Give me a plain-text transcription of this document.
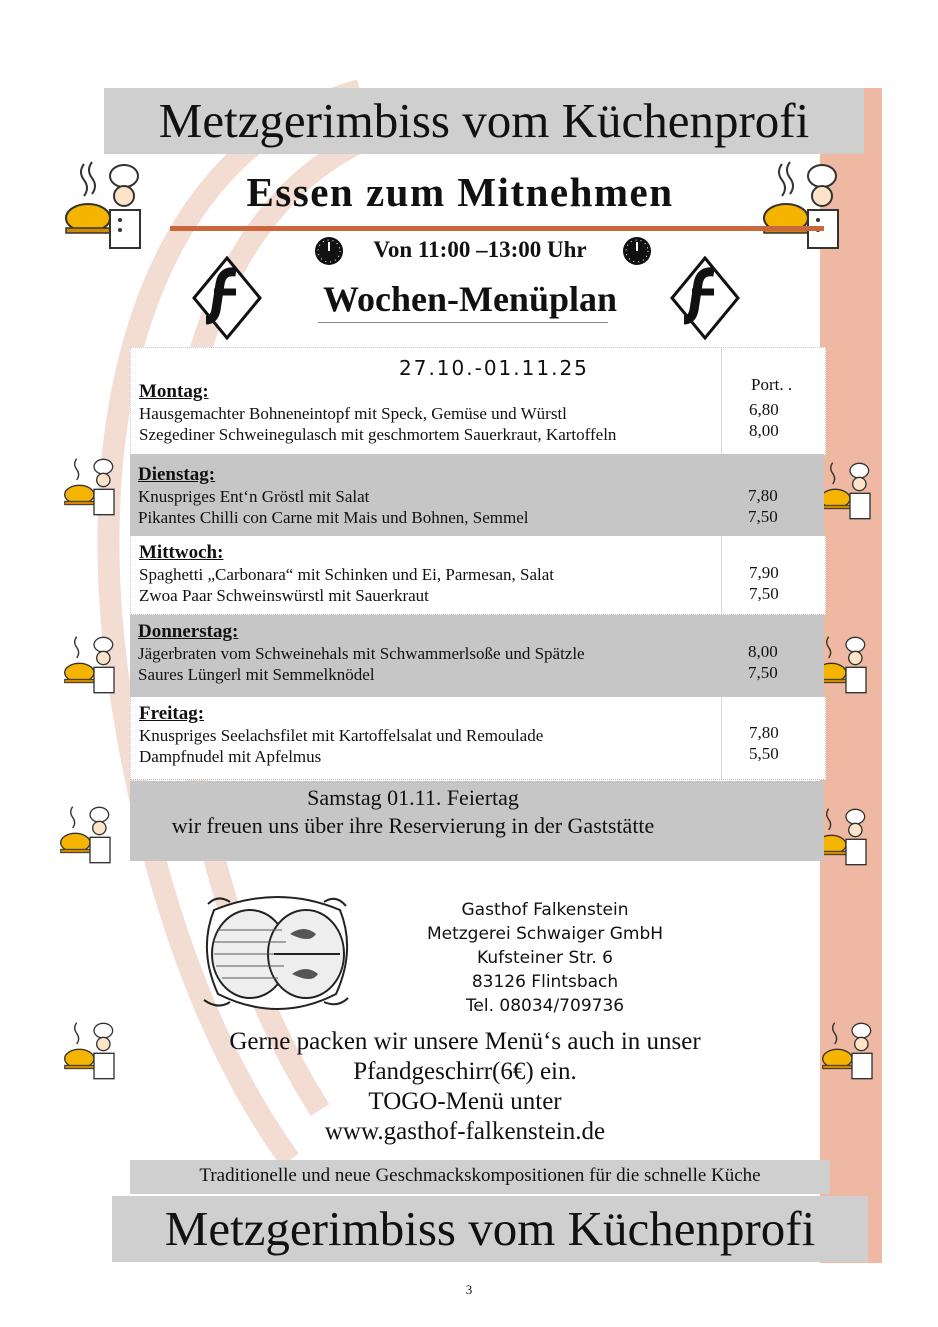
Metzgerimbiss vom Küchenprofi
Essen zum Mitnehmen
Von 11:00 –13:00 Uhr
Wochen-Menüplan
27.10.-01.11.25
Port. .
Montag:
Hausgemachter Bohneneintopf mit Speck, Gemüse und Würstl
Szegediner Schweinegulasch mit geschmortem Sauerkraut, Kartoffeln
6,80
8,00
Dienstag:
Knuspriges Ent‘n Gröstl mit Salat
Pikantes Chilli con Carne mit Mais und Bohnen, Semmel
7,80
7,50
Mittwoch:
Spaghetti „Carbonara“ mit Schinken und Ei, Parmesan, Salat
Zwoa Paar Schweinswürstl mit Sauerkraut
7,90
7,50
Donnerstag:
Jägerbraten vom Schweinehals mit Schwammerlsoße und Spätzle
Saures Lüngerl mit Semmelknödel
8,00
7,50
Freitag:
Knuspriges Seelachsfilet mit Kartoffelsalat und Remoulade
Dampfnudel mit Apfelmus
7,80
5,50
Samstag 01.11. Feiertag
wir freuen uns über ihre Reservierung in der Gaststätte
Gasthof Falkenstein
Metzgerei Schwaiger GmbH
Kufsteiner Str. 6
83126 Flintsbach
Tel. 08034/709736
Gerne packen wir unsere Menü‘s auch in unser
Pfandgeschirr(6€) ein.
TOGO-Menü unter
www.gasthof-falkenstein.de
Traditionelle und neue Geschmackskompositionen für die schnelle Küche
Metzgerimbiss vom Küchenprofi
3
